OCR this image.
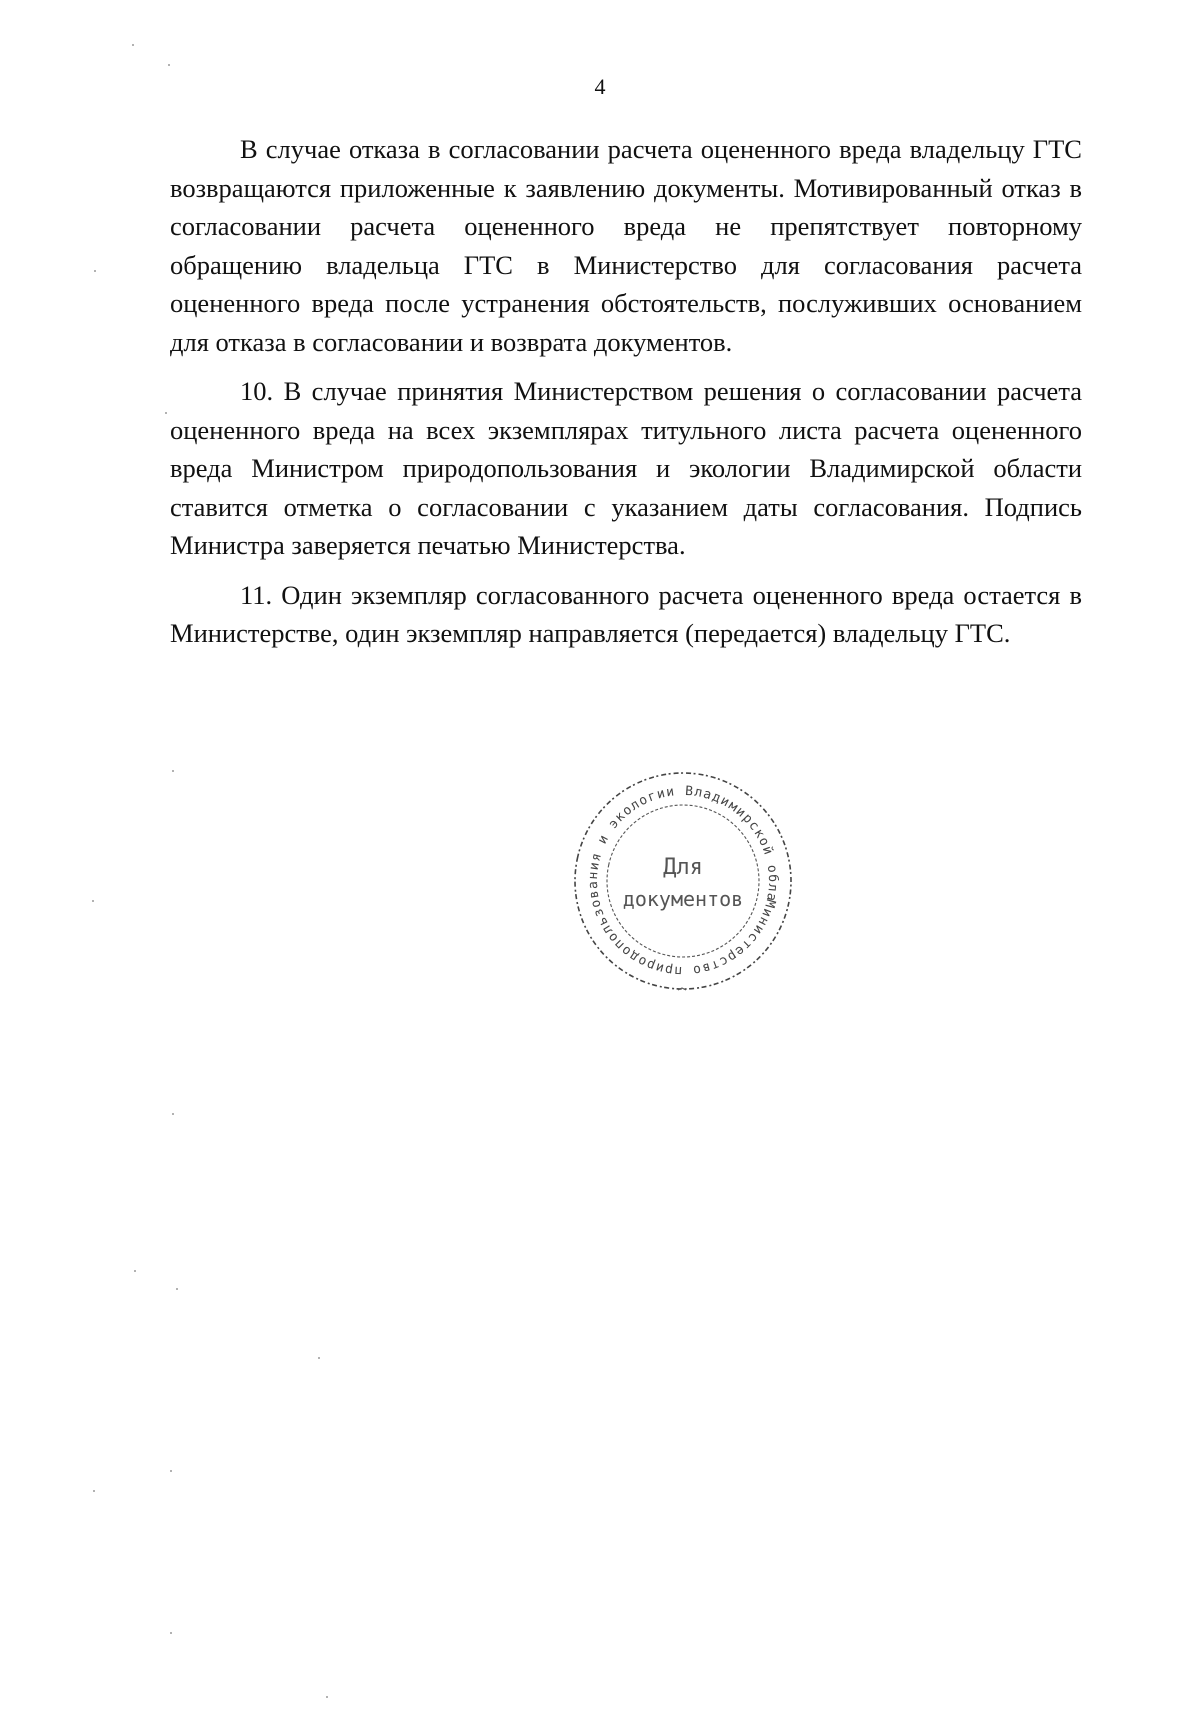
4

В случае отказа в согласовании расчета оцененного вреда владельцу ГТС возвращаются приложенные к заявлению документы. Мотивированный отказ в согласовании расчета оцененного вреда не препятствует повторному обращению владельца ГТС в Министерство для согласования расчета оцененного вреда после устранения обстоятельств, послуживших основанием для отказа в согласовании и возврата документов.

10. В случае принятия Министерством решения о согласовании расчета оцененного вреда на всех экземплярах титульного листа расчета оцененного вреда Министром природопользования и экологии Владимирской области ставится отметка о согласовании с указанием даты согласования. Подпись Министра заверяется печатью Министерства.

11. Один экземпляр согласованного расчета оцененного вреда остается в Министерстве, один экземпляр направляется (передается) владельцу ГТС.

Министерство природопользования и экологии Владимирской области
Для
документов
